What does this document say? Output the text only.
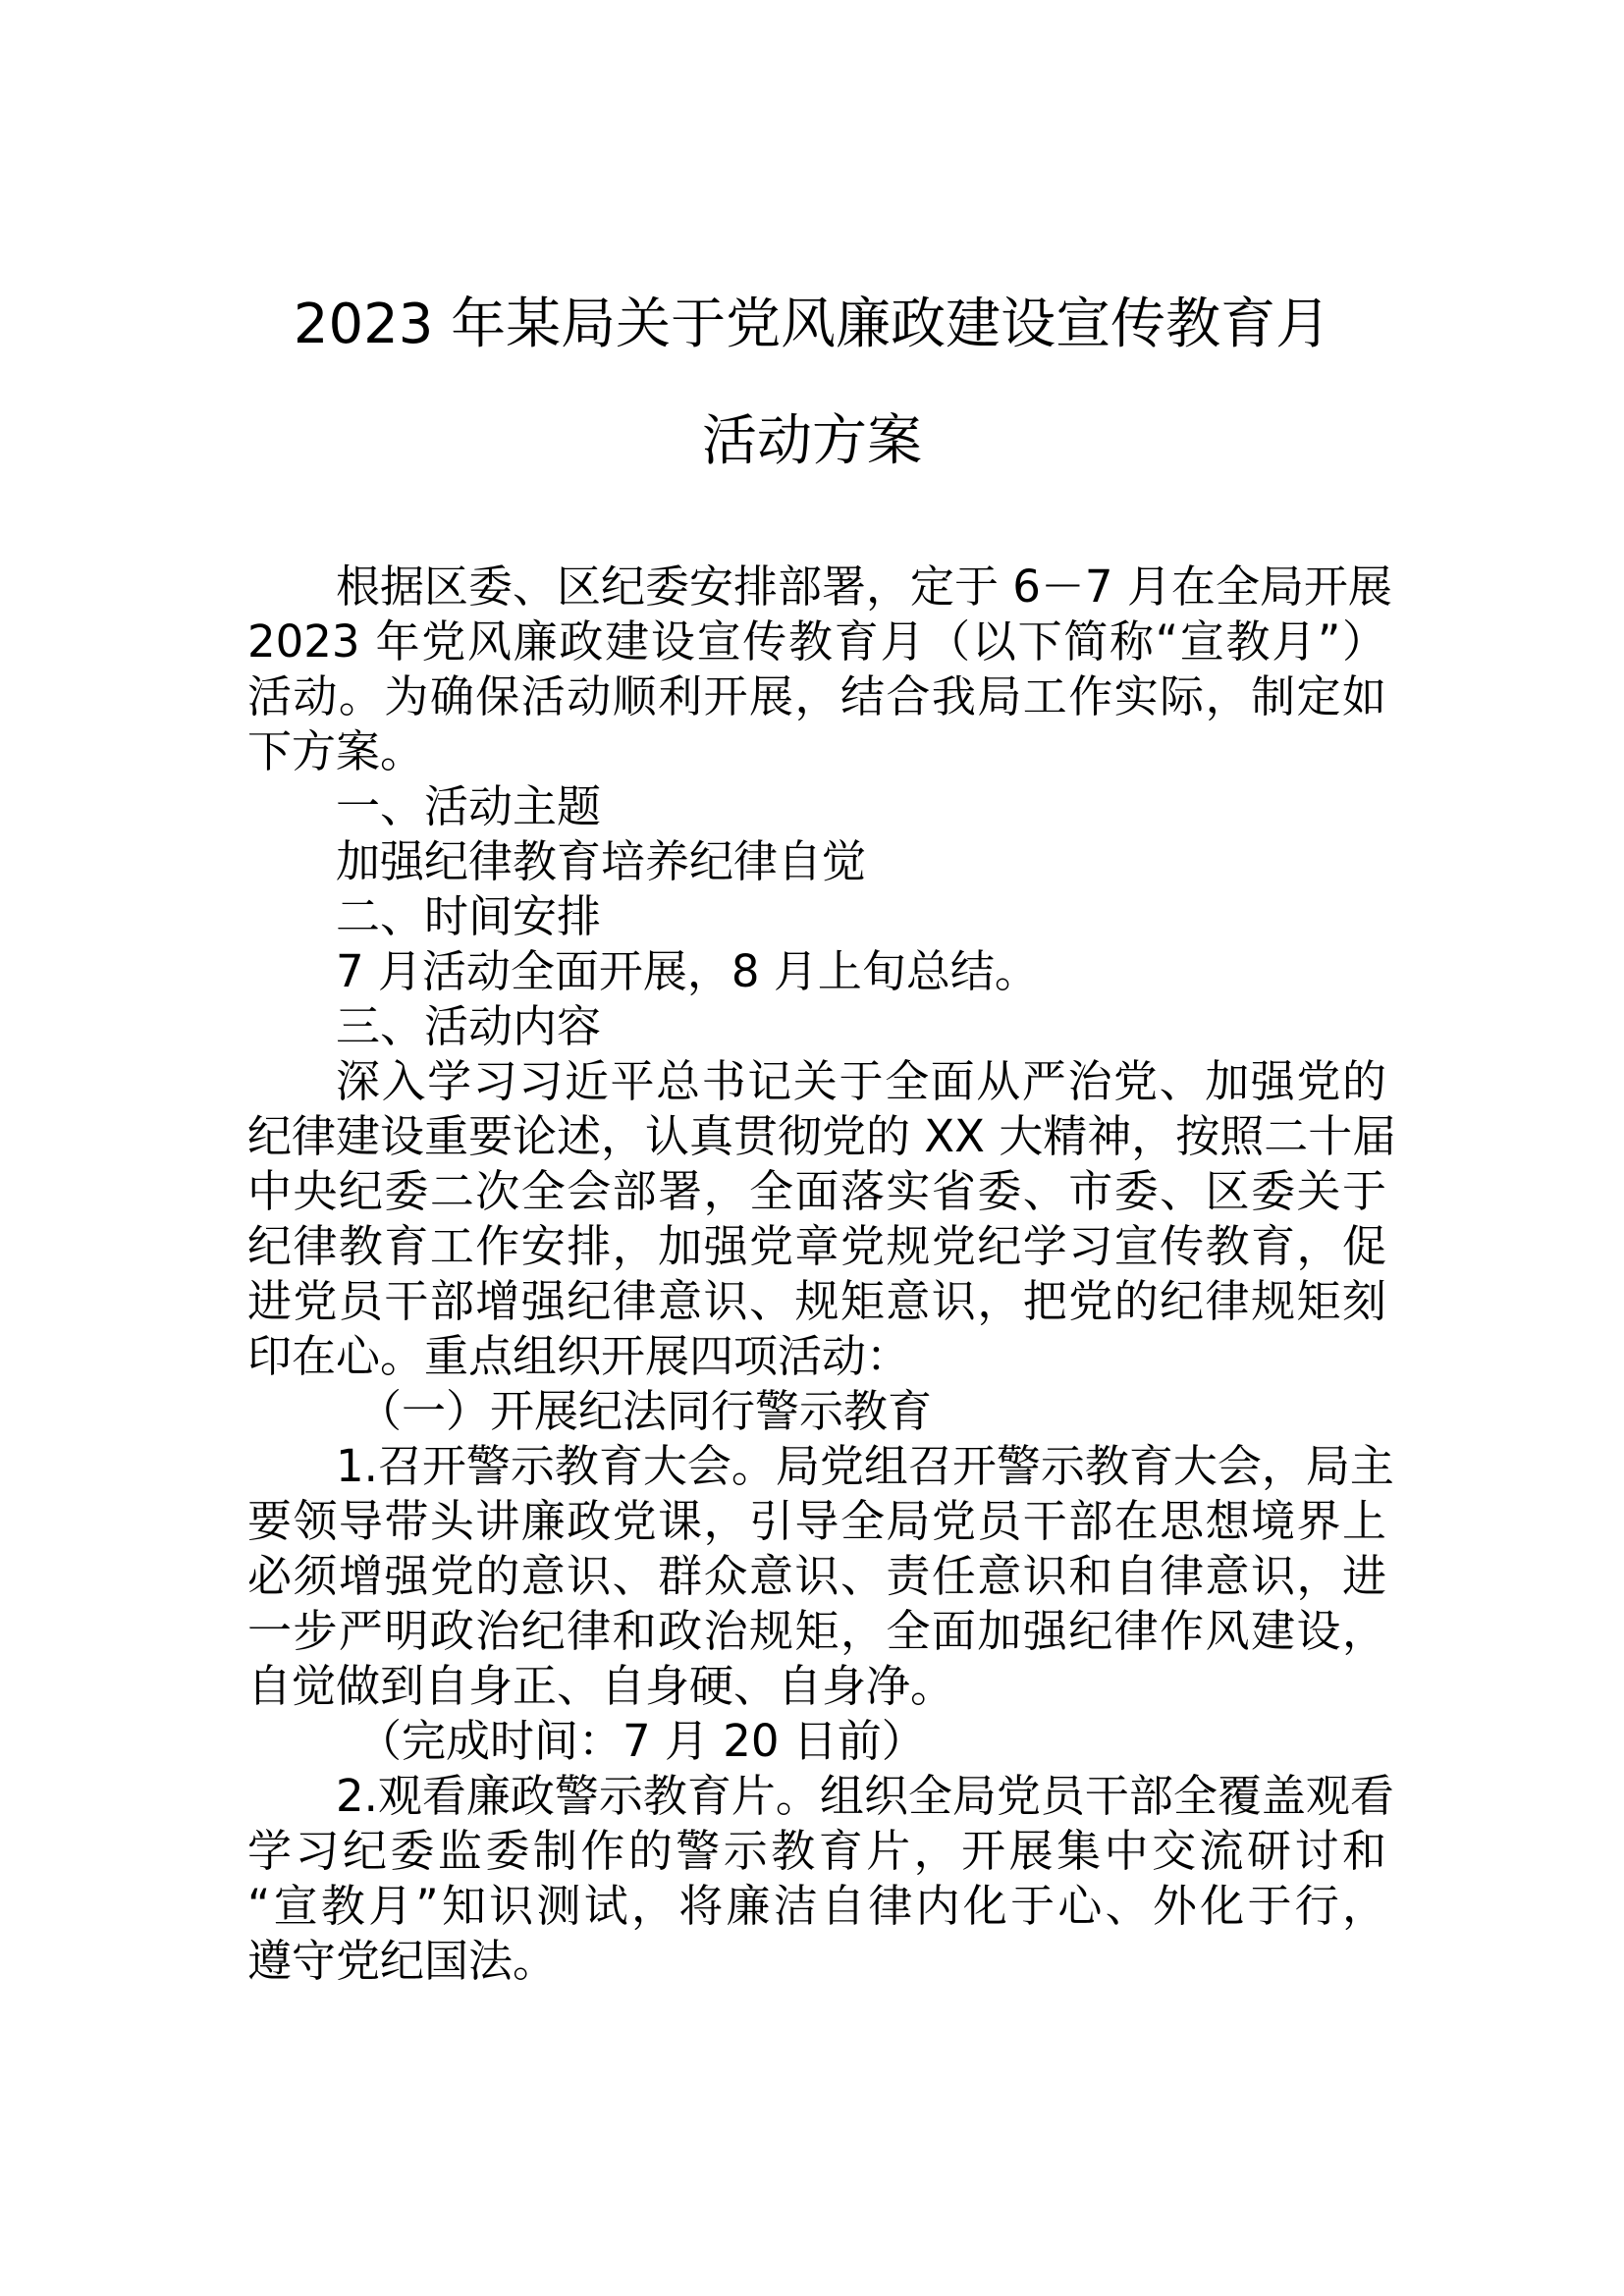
2023 年某局关于党风廉政建设宣传教育月
活动方案
根据区委、区纪委安排部署，定于 6－7 月在全局开展
2023 年党风廉政建设宣传教育月（以下简称“宣教月”）
活动。为确保活动顺利开展，结合我局工作实际，制定如
下方案。
一、活动主题
加强纪律教育培养纪律自觉
二、时间安排
7 月活动全面开展，8 月上旬总结。
三、活动内容
深入学习习近平总书记关于全面从严治党、加强党的
纪律建设重要论述，认真贯彻党的 XX 大精神，按照二十届
中央纪委二次全会部署，全面落实省委、市委、区委关于
纪律教育工作安排，加强党章党规党纪学习宣传教育，促
进党员干部增强纪律意识、规矩意识，把党的纪律规矩刻
印在心。重点组织开展四项活动：
（一）开展纪法同行警示教育
1.召开警示教育大会。局党组召开警示教育大会，局主
要领导带头讲廉政党课，引导全局党员干部在思想境界上
必须增强党的意识、群众意识、责任意识和自律意识，进
一步严明政治纪律和政治规矩，全面加强纪律作风建设，
自觉做到自身正、自身硬、自身净。
（完成时间：7 月 20 日前）
2.观看廉政警示教育片。组织全局党员干部全覆盖观看
学习纪委监委制作的警示教育片，开展集中交流研讨和
“宣教月”知识测试，将廉洁自律内化于心、外化于行，
遵守党纪国法。
